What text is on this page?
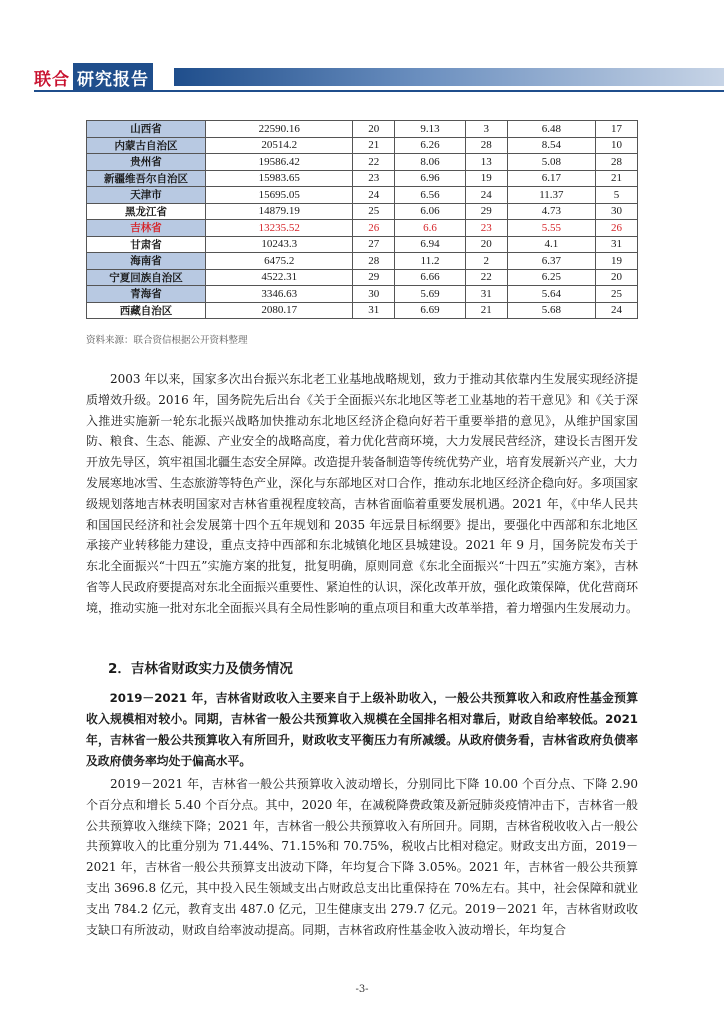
联合 研究报告
山西省	22590.16	20	9.13	3	6.48	17
内蒙古自治区	20514.2	21	6.26	28	8.54	10
贵州省	19586.42	22	8.06	13	5.08	28
新疆维吾尔自治区	15983.65	23	6.96	19	6.17	21
天津市	15695.05	24	6.56	24	11.37	5
黑龙江省	14879.19	25	6.06	29	4.73	30
吉林省	13235.52	26	6.6	23	5.55	26
甘肃省	10243.3	27	6.94	20	4.1	31
海南省	6475.2	28	11.2	2	6.37	19
宁夏回族自治区	4522.31	29	6.66	22	6.25	20
青海省	3346.63	30	5.69	31	5.64	25
西藏自治区	2080.17	31	6.69	21	5.68	24
资料来源：联合资信根据公开资料整理

2003 年以来，国家多次出台振兴东北老工业基地战略规划，致力于推动其依靠内生发展实现经济提质增效升级。2016 年，国务院先后出台《关于全面振兴东北地区等老工业基地的若干意见》和《关于深入推进实施新一轮东北振兴战略加快推动东北地区经济企稳向好若干重要举措的意见》，从维护国家国防、粮食、生态、能源、产业安全的战略高度，着力优化营商环境，大力发展民营经济，建设长吉图开发开放先导区，筑牢祖国北疆生态安全屏障。改造提升装备制造等传统优势产业，培育发展新兴产业，大力发展寒地冰雪、生态旅游等特色产业，深化与东部地区对口合作，推动东北地区经济企稳向好。多项国家级规划落地吉林表明国家对吉林省重视程度较高，吉林省面临着重要发展机遇。2021 年，《中华人民共和国国民经济和社会发展第十四个五年规划和 2035 年远景目标纲要》提出，要强化中西部和东北地区承接产业转移能力建设，重点支持中西部和东北城镇化地区县城建设。2021 年 9 月，国务院发布关于东北全面振兴“十四五”实施方案的批复，批复明确，原则同意《东北全面振兴“十四五”实施方案》，吉林省等人民政府要提高对东北全面振兴重要性、紧迫性的认识，深化改革开放，强化政策保障，优化营商环境，推动实施一批对东北全面振兴具有全局性影响的重点项目和重大改革举措，着力增强内生发展动力。

2．吉林省财政实力及债务情况

2019－2021 年，吉林省财政收入主要来自于上级补助收入，一般公共预算收入和政府性基金预算收入规模相对较小。同期，吉林省一般公共预算收入规模在全国排名相对靠后，财政自给率较低。2021 年，吉林省一般公共预算收入有所回升，财政收支平衡压力有所减缓。从政府债务看，吉林省政府负债率及政府债务率均处于偏高水平。

2019－2021 年，吉林省一般公共预算收入波动增长，分别同比下降 10.00 个百分点、下降 2.90 个百分点和增长 5.40 个百分点。其中，2020 年，在减税降费政策及新冠肺炎疫情冲击下，吉林省一般公共预算收入继续下降；2021 年，吉林省一般公共预算收入有所回升。同期，吉林省税收收入占一般公共预算收入的比重分别为 71.44%、71.15%和 70.75%，税收占比相对稳定。财政支出方面，2019－2021 年，吉林省一般公共预算支出波动下降，年均复合下降 3.05%。2021 年，吉林省一般公共预算支出 3696.8 亿元，其中投入民生领域支出占财政总支出比重保持在 70%左右。其中，社会保障和就业支出 784.2 亿元，教育支出 487.0 亿元，卫生健康支出 279.7 亿元。2019－2021 年，吉林省财政收支缺口有所波动，财政自给率波动提高。同期，吉林省政府性基金收入波动增长，年均复合

-3-
